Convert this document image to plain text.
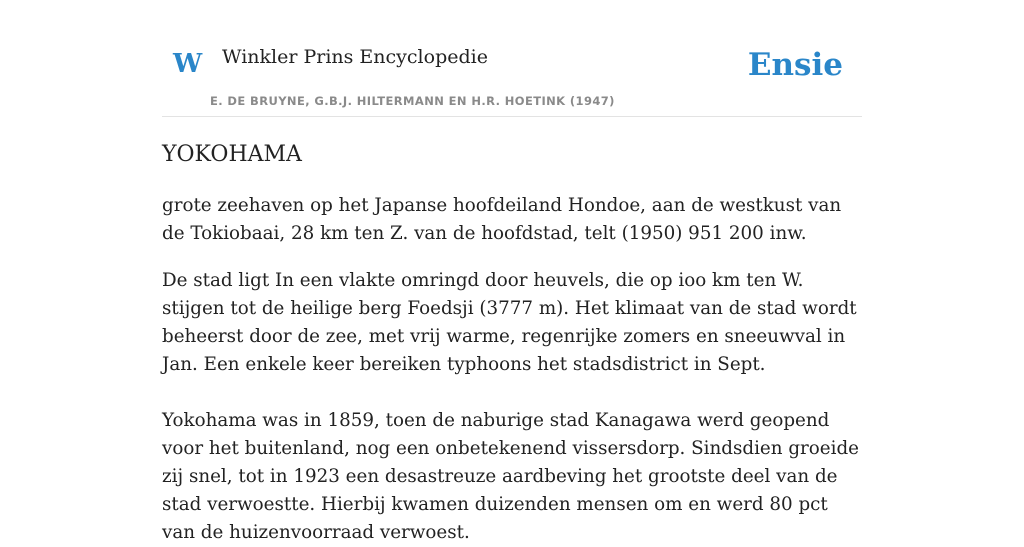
W Winkler Prins Encyclopedie
E. DE BRUYNE, G.B.J. HILTERMANN EN H.R. HOETINK (1947)
Ensie
YOKOHAMA

grote zeehaven op het Japanse hoofdeiland Hondoe, aan de westkust van de Tokiobaai, 28 km ten Z. van de hoofdstad, telt (1950) 951 200 inw.

De stad ligt In een vlakte omringd door heuvels, die op ioo km ten W. stijgen tot de heilige berg Foedsji (3777 m). Het klimaat van de stad wordt beheerst door de zee, met vrij warme, regenrijke zomers en sneeuwval in Jan. Een enkele keer bereiken typhoons het stadsdistrict in Sept.

Yokohama was in 1859, toen de naburige stad Kanagawa werd geopend voor het buitenland, nog een onbetekenend vissersdorp. Sindsdien groeide zij snel, tot in 1923 een desastreuze aardbeving het grootste deel van de stad verwoestte. Hierbij kwamen duizenden mensen om en werd 80 pct van de huizenvoorraad verwoest.
